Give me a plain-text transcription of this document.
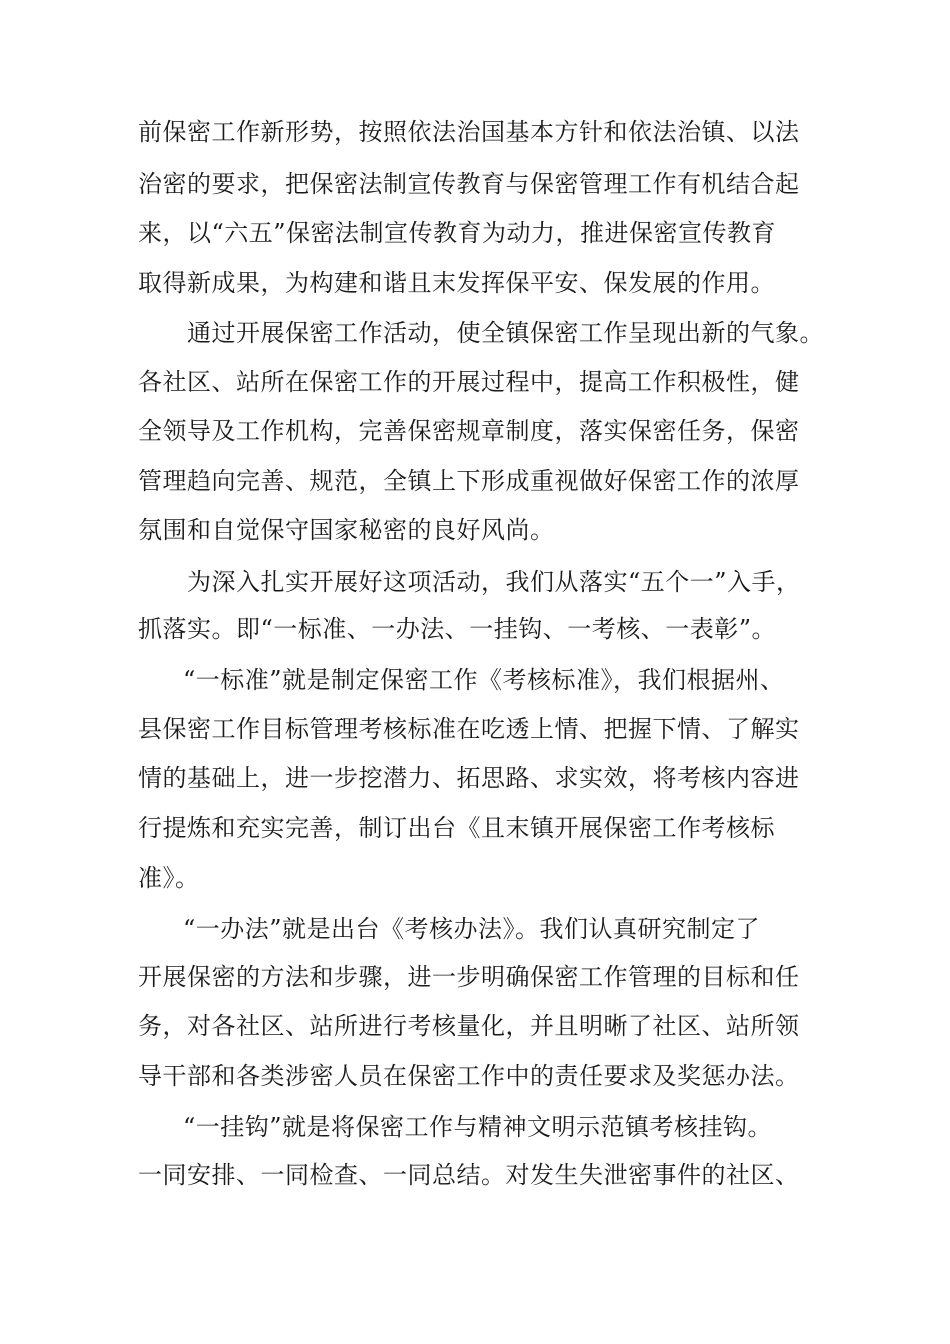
前保密工作新形势，按照依法治国基本方针和依法治镇、以法
治密的要求，把保密法制宣传教育与保密管理工作有机结合起
来，以“六五”保密法制宣传教育为动力，推进保密宣传教育
取得新成果，为构建和谐且末发挥保平安、保发展的作用。
通过开展保密工作活动，使全镇保密工作呈现出新的气象。
各社区、站所在保密工作的开展过程中，提高工作积极性，健
全领导及工作机构，完善保密规章制度，落实保密任务，保密
管理趋向完善、规范，全镇上下形成重视做好保密工作的浓厚
氛围和自觉保守国家秘密的良好风尚。
为深入扎实开展好这项活动，我们从落实“五个一”入手，
抓落实。即“一标准、一办法、一挂钩、一考核、一表彰”。
“一标准”就是制定保密工作《考核标准》，我们根据州、
县保密工作目标管理考核标准在吃透上情、把握下情、了解实
情的基础上，进一步挖潜力、拓思路、求实效，将考核内容进
行提炼和充实完善，制订出台《且末镇开展保密工作考核标
准》。
“一办法”就是出台《考核办法》。我们认真研究制定了
开展保密的方法和步骤，进一步明确保密工作管理的目标和任
务，对各社区、站所进行考核量化，并且明晰了社区、站所领
导干部和各类涉密人员在保密工作中的责任要求及奖惩办法。
“一挂钩”就是将保密工作与精神文明示范镇考核挂钩。
一同安排、一同检查、一同总结。对发生失泄密事件的社区、
